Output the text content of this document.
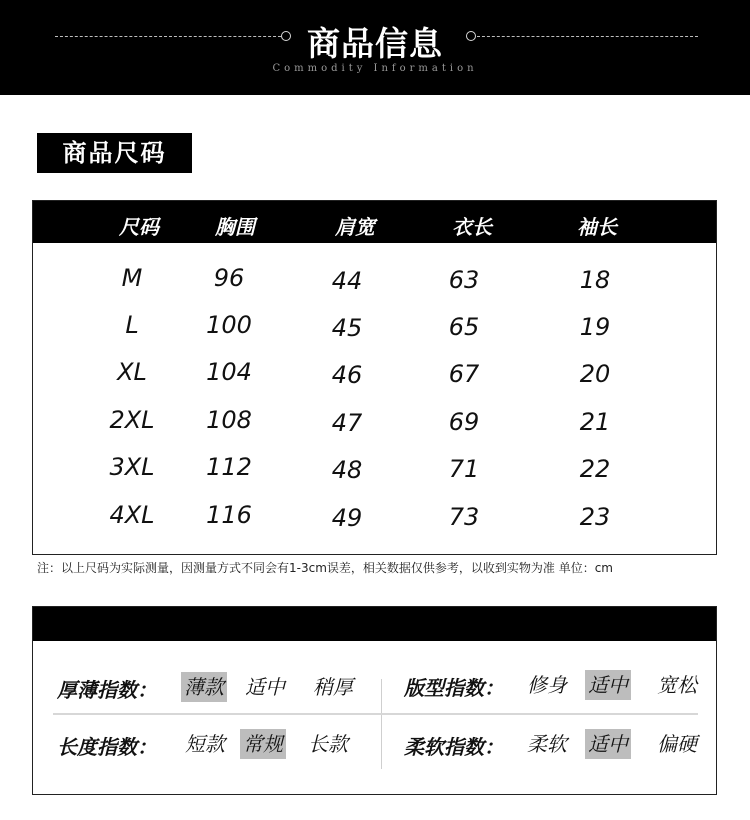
商品信息
Commodity Information
商品尺码
尺码	胸围	肩宽	衣长	袖长
M	96	44	63	18
L	100	45	65	19
XL	104	46	67	20
2XL	108	47	69	21
3XL	112	48	71	22
4XL	116	49	73	23
注：以上尺码为实际测量，因测量方式不同会有1-3cm误差，相关数据仅供参考，以收到实物为准 单位：cm
厚薄指数： 薄款 适中 稍厚	版型指数： 修身 适中 宽松
长度指数： 短款 常规 长款	柔软指数： 柔软 适中 偏硬
